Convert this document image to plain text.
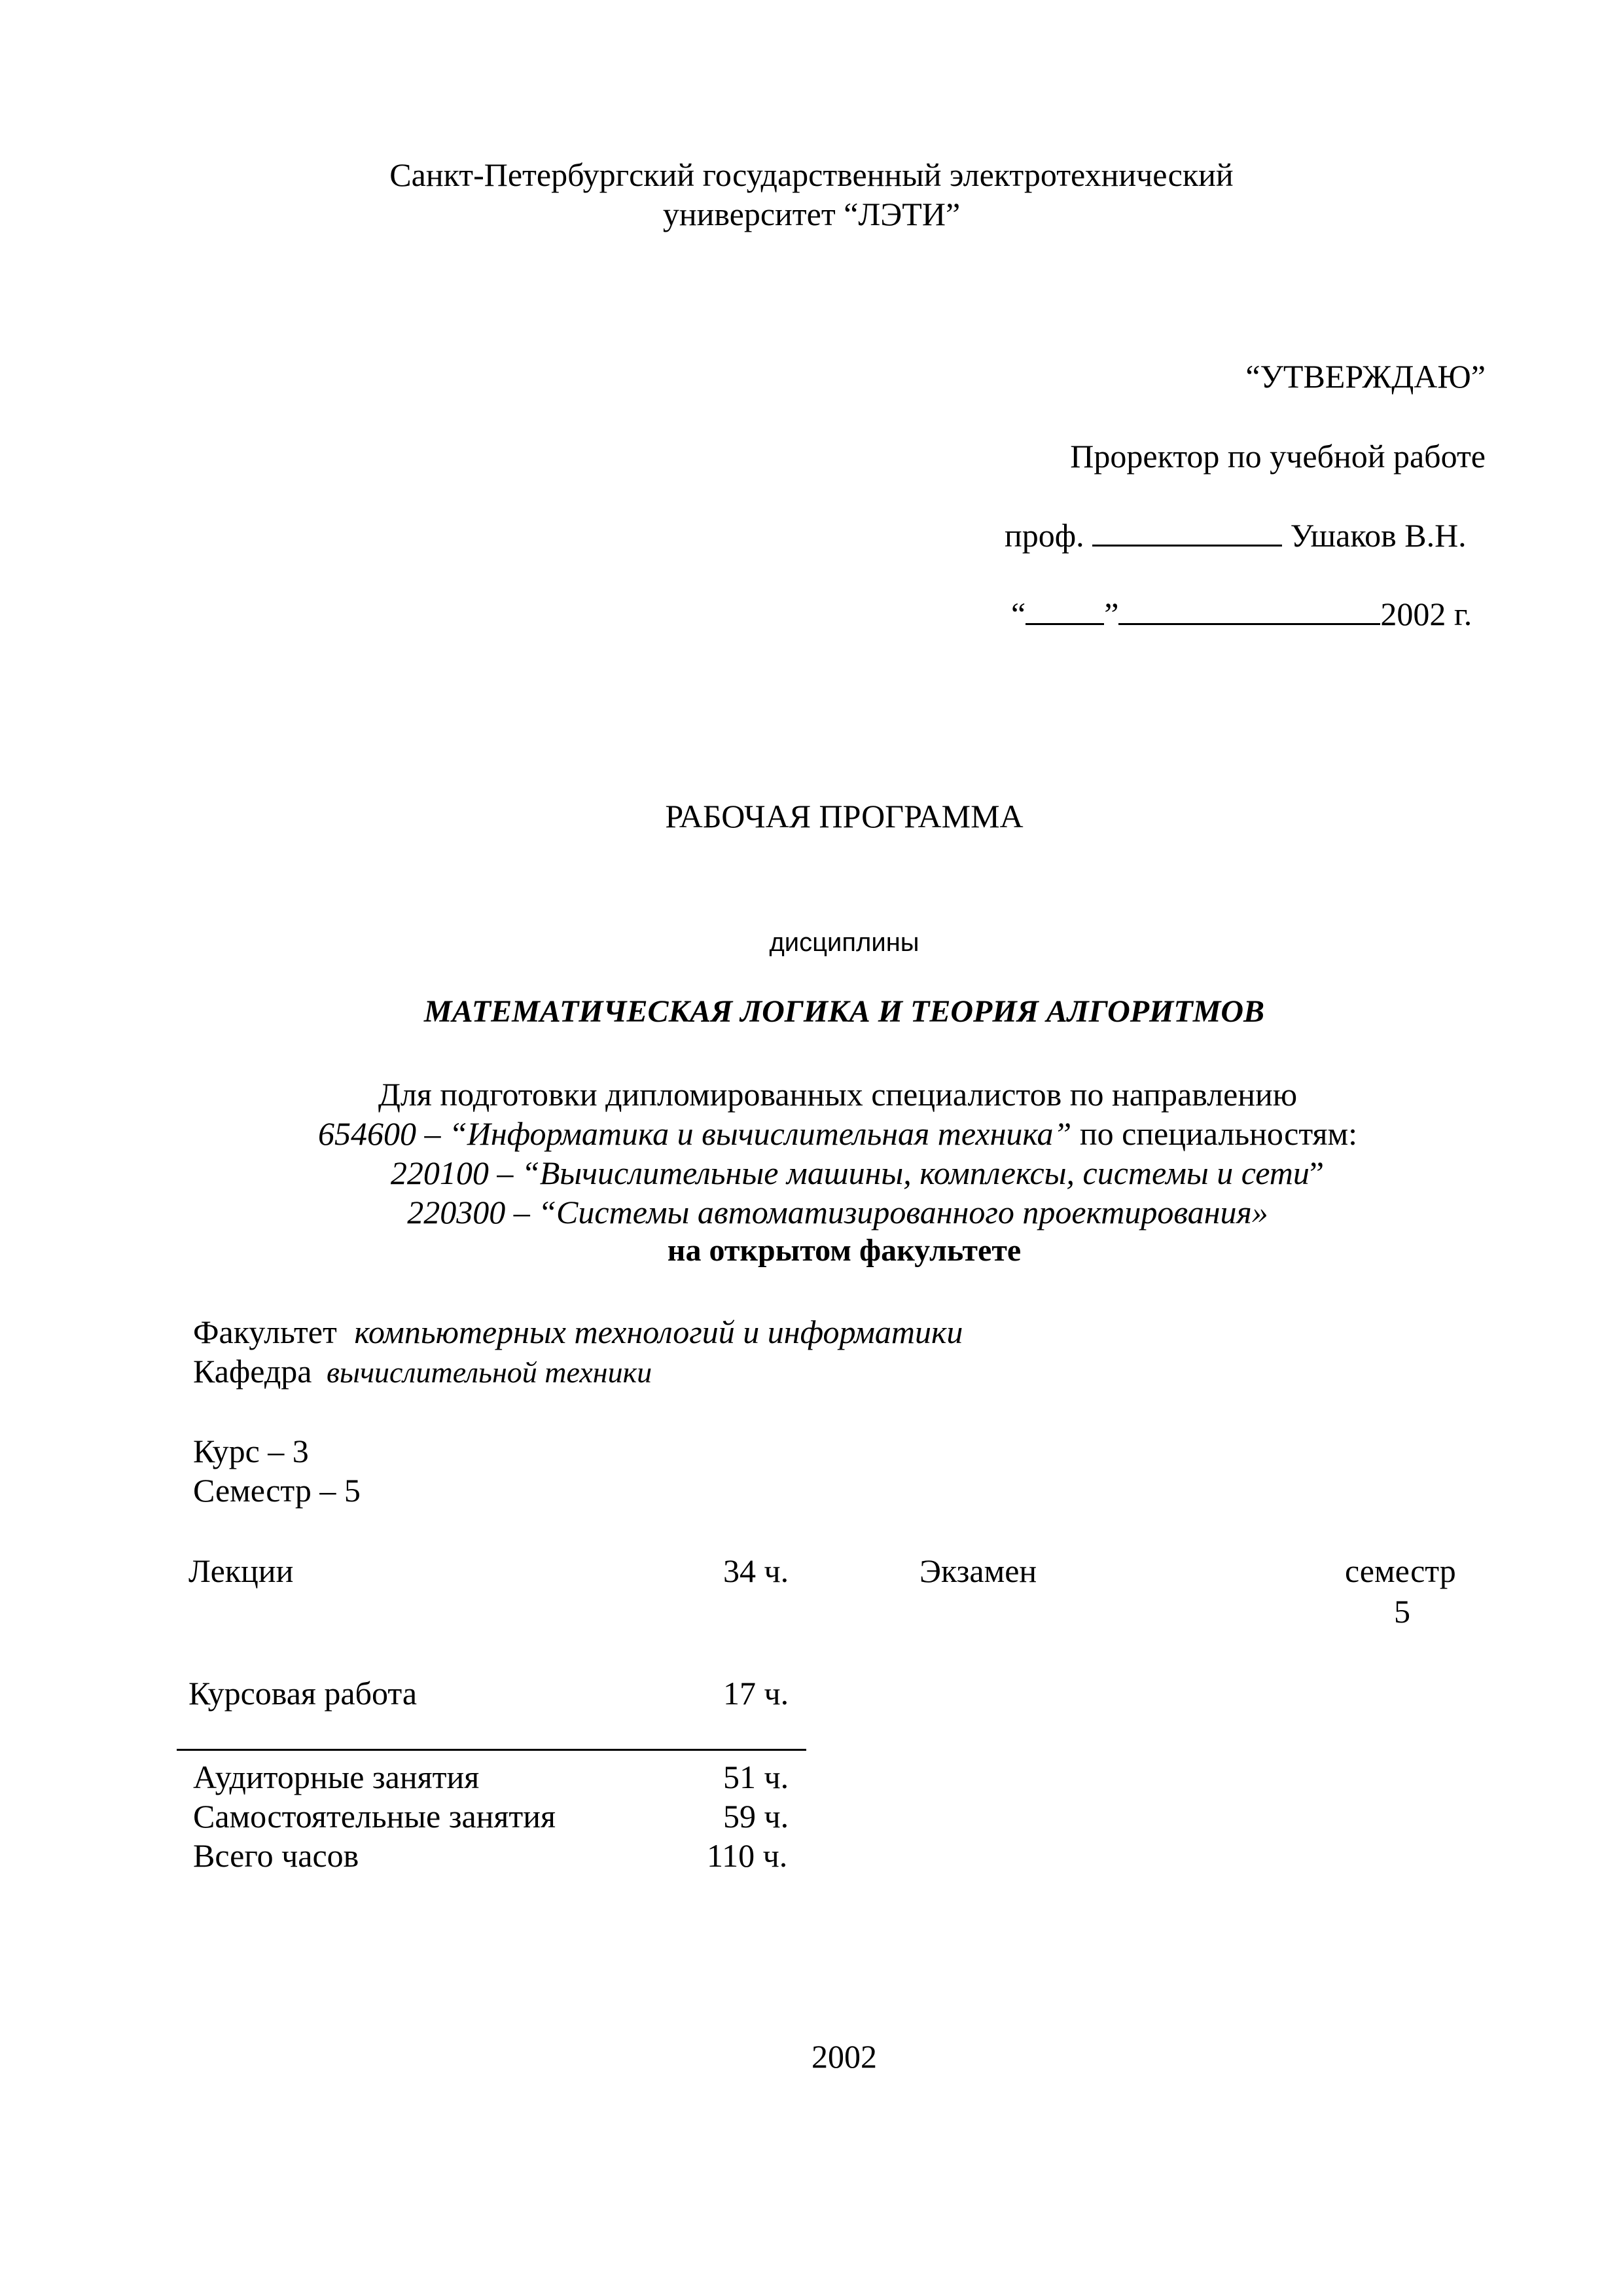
Санкт-Петербургский государственный электротехнический
университет “ЛЭТИ”
“УТВЕРЖДАЮ”
Проректор по учебной работе
проф.	Ушаков В.Н.
“ ”	2002 г.
РАБОЧАЯ ПРОГРАММА
дисциплины
МАТЕМАТИЧЕСКАЯ ЛОГИКА И ТЕОРИЯ АЛГОРИТМОВ
Для подготовки дипломированных специалистов по направлению
654600 – “Информатика и вычислительная техника” по специальностям:
220100 – “Вычислительные машины, комплексы, системы и сети”
220300 – “Системы автоматизированного проектирования»
на открытом факультете
Факультет компьютерных технологий и информатики
Кафедра вычислительной техники
Курс – 3
Семестр – 5
Лекции	34 ч.	Экзамен	семестр
5
Курсовая работа	17 ч.
Аудиторные занятия	51 ч.
Самостоятельные занятия	59 ч.
Всего часов	110 ч.
2002
